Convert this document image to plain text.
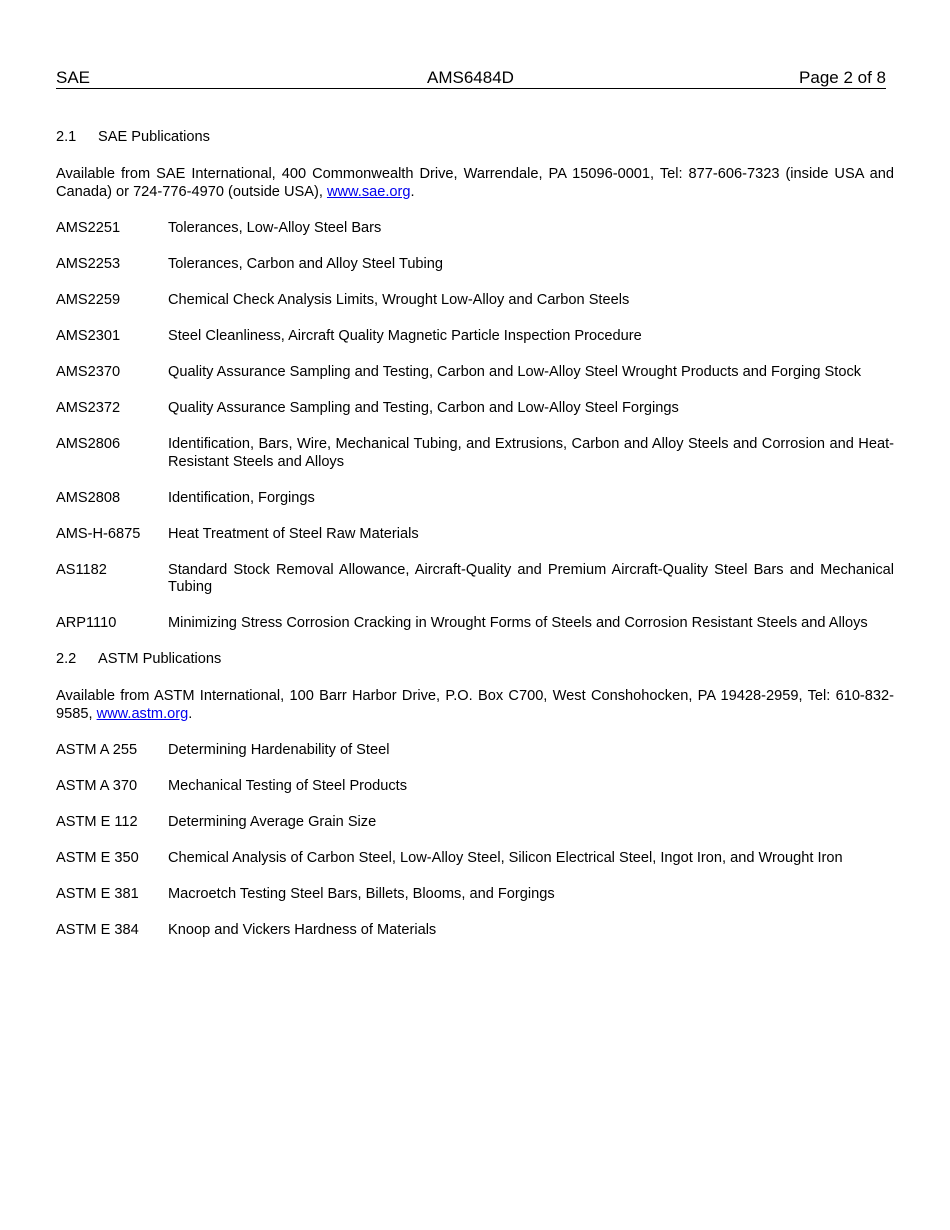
SAE	AMS6484D	Page 2 of 8
2.1 SAE Publications
Available from SAE International, 400 Commonwealth Drive, Warrendale, PA 15096-0001, Tel: 877-606-7323 (inside USA and Canada) or 724-776-4970 (outside USA), www.sae.org.
AMS2251	Tolerances, Low-Alloy Steel Bars
AMS2253	Tolerances, Carbon and Alloy Steel Tubing
AMS2259	Chemical Check Analysis Limits, Wrought Low-Alloy and Carbon Steels
AMS2301	Steel Cleanliness, Aircraft Quality Magnetic Particle Inspection Procedure
AMS2370	Quality Assurance Sampling and Testing, Carbon and Low-Alloy Steel Wrought Products and Forging Stock
AMS2372	Quality Assurance Sampling and Testing, Carbon and Low-Alloy Steel Forgings
AMS2806	Identification, Bars, Wire, Mechanical Tubing, and Extrusions, Carbon and Alloy Steels and Corrosion and Heat-Resistant Steels and Alloys
AMS2808	Identification, Forgings
AMS-H-6875	Heat Treatment of Steel Raw Materials
AS1182	Standard Stock Removal Allowance, Aircraft-Quality and Premium Aircraft-Quality Steel Bars and Mechanical Tubing
ARP1110	Minimizing Stress Corrosion Cracking in Wrought Forms of Steels and Corrosion Resistant Steels and Alloys
2.2 ASTM Publications
Available from ASTM International, 100 Barr Harbor Drive, P.O. Box C700, West Conshohocken, PA 19428-2959, Tel: 610-832-9585, www.astm.org.
ASTM A 255	Determining Hardenability of Steel
ASTM A 370	Mechanical Testing of Steel Products
ASTM E 112	Determining Average Grain Size
ASTM E 350	Chemical Analysis of Carbon Steel, Low-Alloy Steel, Silicon Electrical Steel, Ingot Iron, and Wrought Iron
ASTM E 381	Macroetch Testing Steel Bars, Billets, Blooms, and Forgings
ASTM E 384	Knoop and Vickers Hardness of Materials
